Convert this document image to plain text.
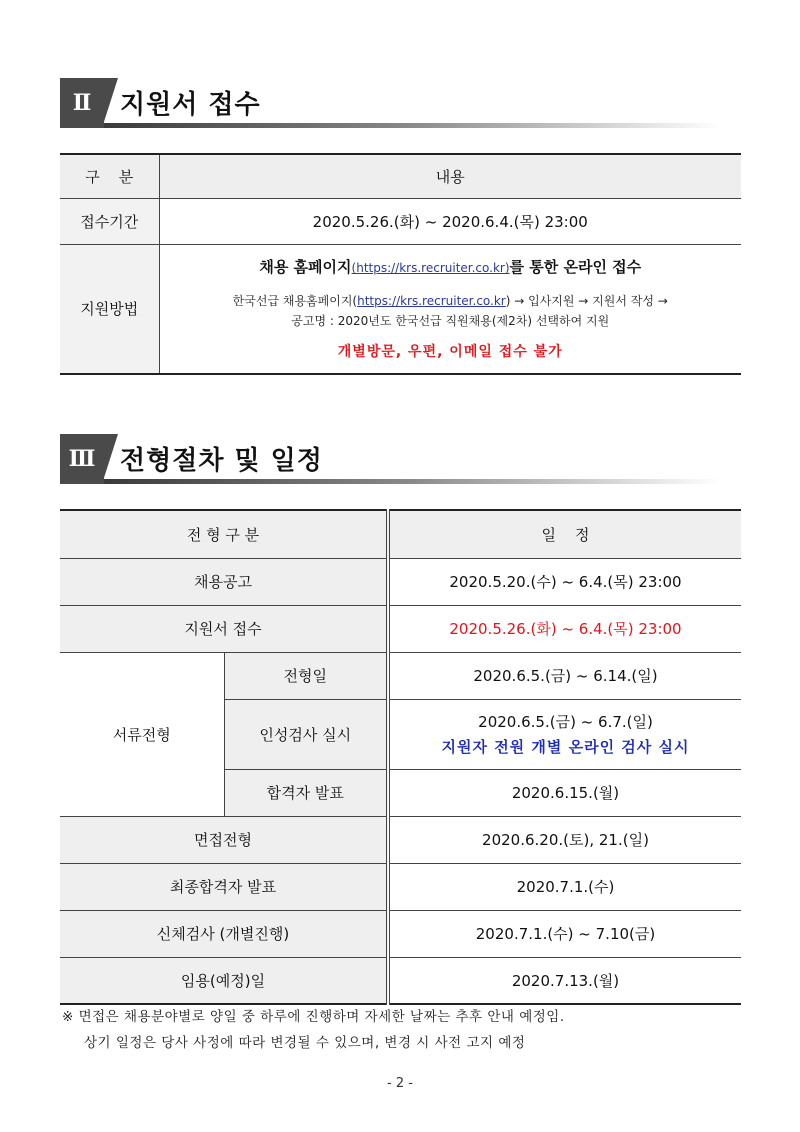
Ⅱ	지원서 접수
구    분	내용
접수기간	2020.5.26.(화) ~ 2020.6.4.(목) 23:00
지원방법	채용 홈페이지(https://krs.recruiter.co.kr)를 통한 온라인 접수
한국선급 채용홈페이지(https://krs.recruiter.co.kr) → 입사지원 → 지원서 작성 →
공고명 : 2020년도 한국선급 직원채용(제2차) 선택하여 지원
개별방문, 우편, 이메일 접수 불가
Ⅲ 전형절차 및 일정
전 형 구 분		일    정
채용공고		2020.5.20.(수) ~ 6.4.(목) 23:00
지원서 접수		2020.5.26.(화) ~ 6.4.(목) 23:00
서류전형	전형일	2020.6.5.(금) ~ 6.14.(일)
	인성검사 실시	2020.6.5.(금) ~ 6.7.(일)
지원자 전원 개별 온라인 검사 실시

	합격자 발표	2020.6.15.(월)
면접전형		2020.6.20.(토), 21.(일)
최종합격자 발표		2020.7.1.(수)
신체검사 (개별진행)		2020.7.1.(수) ~ 7.10(금)
임용(예정)일		2020.7.13.(월)
※ 면접은 채용분야별로 양일 중 하루에 진행하며 자세한 날짜는 추후 안내 예정임.
상기 일정은 당사 사정에 따라 변경될 수 있으며, 변경 시 사전 고지 예정
- 2 -
